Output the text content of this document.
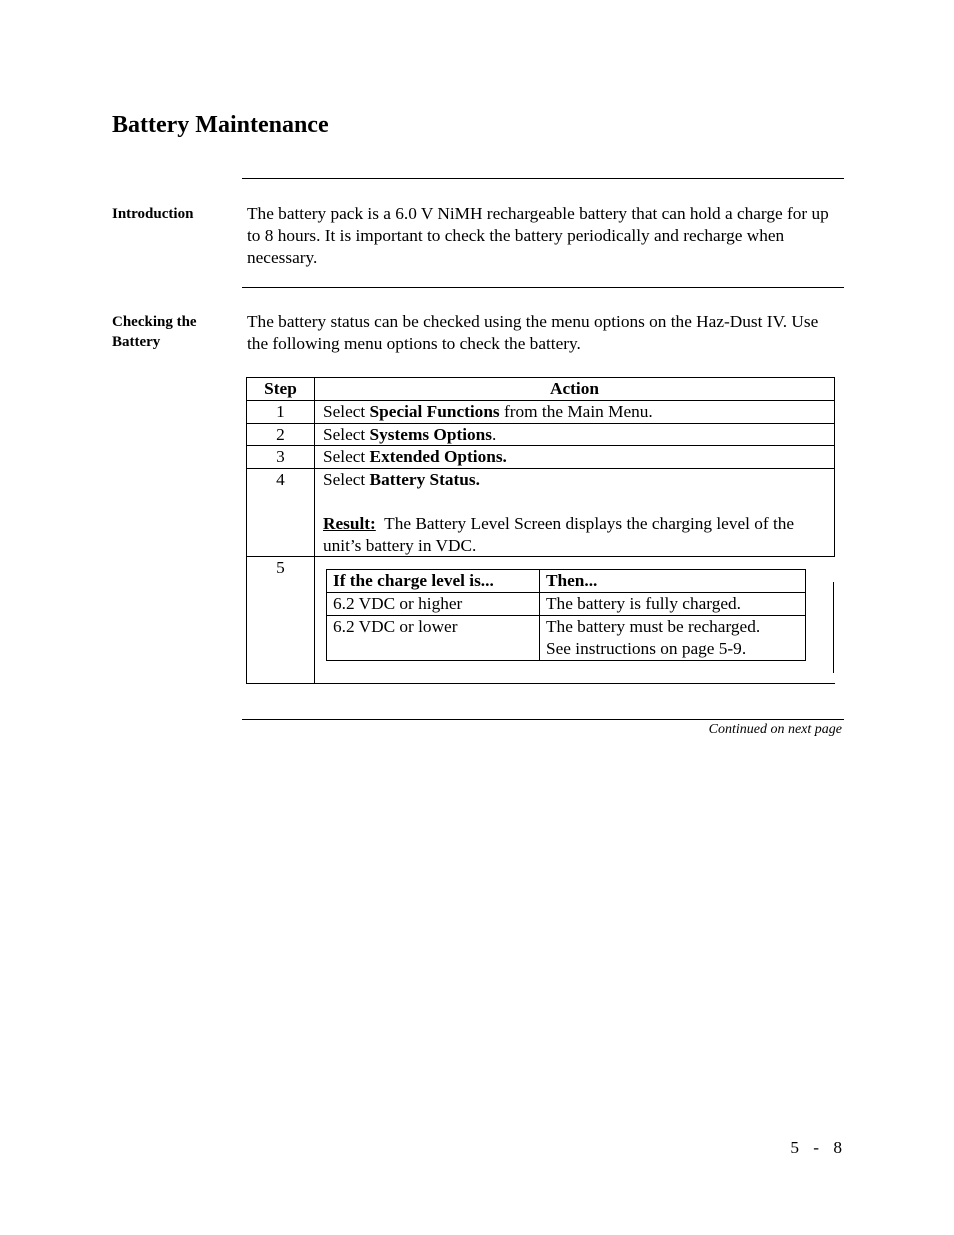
Battery Maintenance
Introduction	The battery pack is a 6.0 V NiMH rechargeable battery that can hold a charge for up to 8 hours. It is important to check the battery periodically and recharge when necessary.
Checking the
Battery
The battery status can be checked using the menu options on the Haz-Dust IV. Use the following menu options to check the battery.
Step	Action
1	Select Special Functions from the Main Menu.
2	Select Systems Options.
3	Select Extended Options.
4	Select Battery Status.
Result:  The Battery Level Screen displays the charging level of the unit’s battery in VDC.

5	
If the charge level is...	Then...
6.2 VDC or higher	The battery is fully charged.
6.2 VDC or lower	The battery must be recharged.
See instructions on page 5-9.
Continued on next page
5 - 8
